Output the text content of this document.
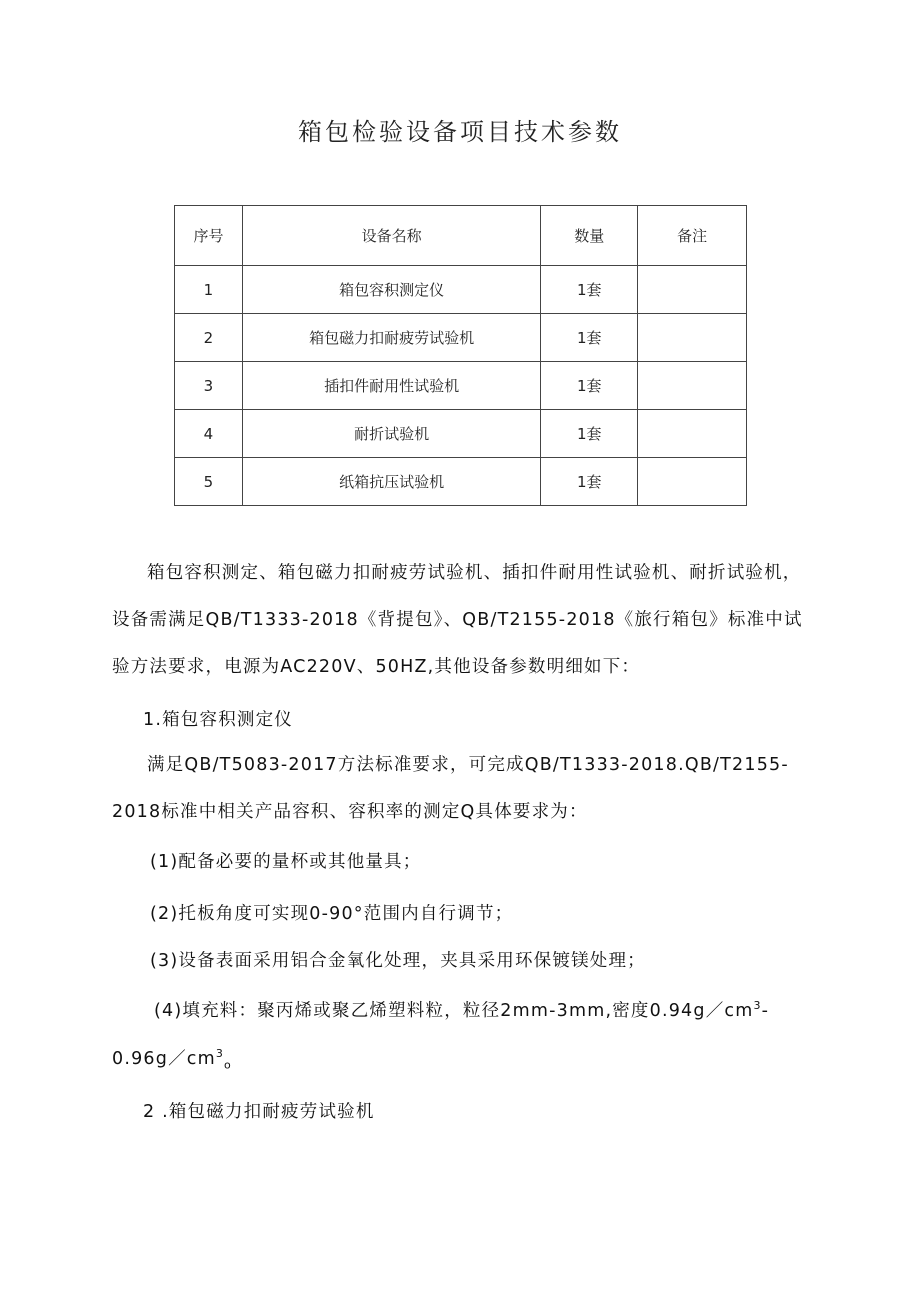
箱包检验设备项目技术参数
序号	设备名称	数量	备注
1	箱包容积测定仪	1套	
2	箱包磁力扣耐疲劳试验机	1套	
3	插扣件耐用性试验机	1套	
4	耐折试验机	1套	
5	纸箱抗压试验机	1套	
箱包容积测定、箱包磁力扣耐疲劳试验机、插扣件耐用性试验机、耐折试验机，设备需满足QB/T1333-2018《背提包》、QB/T2155-2018《旅行箱包》标准中试验方法要求，电源为AC220V、50HZ,其他设备参数明细如下：
1.箱包容积测定仪
满足QB/T5083-2017方法标准要求，可完成QB/T1333-2018.QB/T2155-2018标准中相关产品容积、容积率的测定Q具体要求为：
(1)配备必要的量杯或其他量具；
(2)托板角度可实现0-90°范围内自行调节；
(3)设备表面采用铝合金氧化处理，夹具采用环保镀镁处理；
(4)填充料：聚丙烯或聚乙烯塑料粒，粒径2mm-3mm,密度$0.94g/cm^3-$
$0.96g/cm^3_o$
2 .箱包磁力扣耐疲劳试验机
